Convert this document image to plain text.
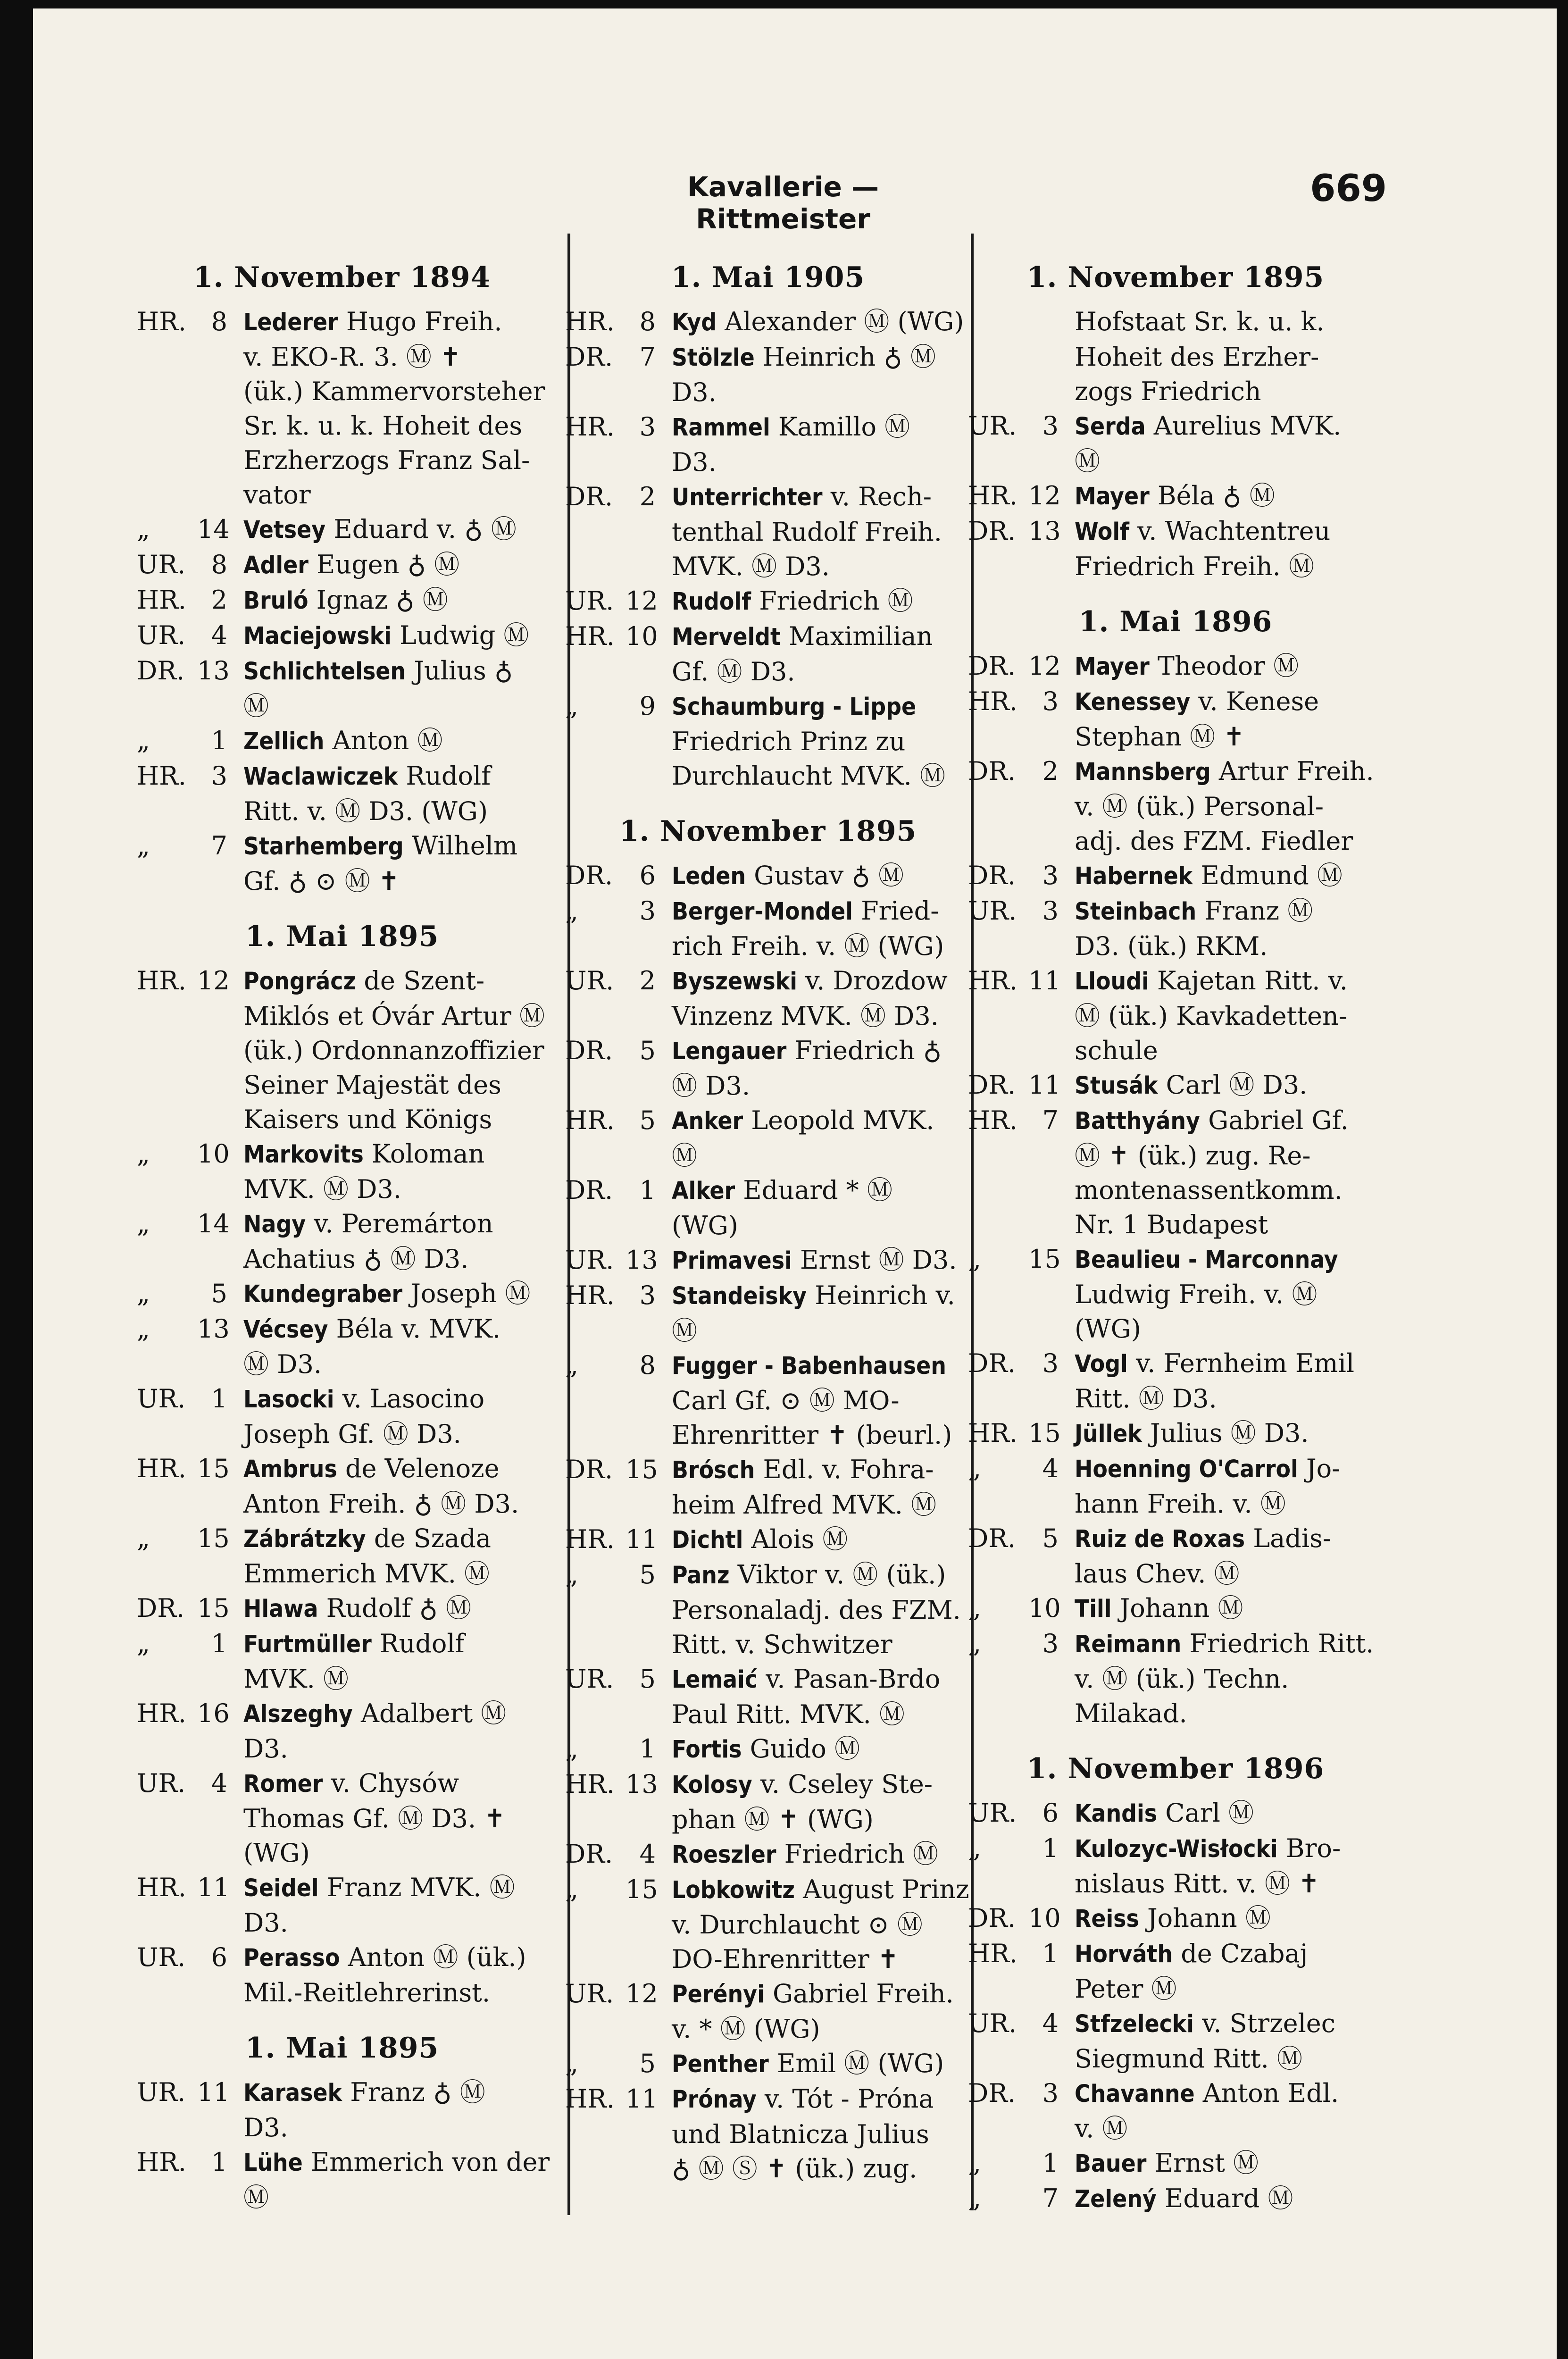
Kavallerie — Rittmeister
669
1. November 1894
HR. 8 Lederer Hugo Freih.
v. EKO-R. 3. Ⓜ ✝
(ük.) Kammervorsteher
Sr. k. u. k. Hoheit des
Erzherzogs Franz Sal-
vator
„	14 Vetsey Eduard v. ♁ Ⓜ
UR.	8 Adler Eugen ♁ Ⓜ
HR. 2 Bruló Ignaz ♁ Ⓜ
UR.	4 Maciejowski Ludwig Ⓜ
DR. 13 Schlichtelsen Julius ♁
Ⓜ
„	1 Zellich Anton Ⓜ
HR. 3 Waclawiczek Rudolf
Ritt. v. Ⓜ D3. (WG)
„	7 Starhemberg Wilhelm
Gf. ♁ ⊙ Ⓜ ✝
1. Mai 1895
HR. 12 Pongrácz de Szent-
Miklós et Óvár Artur Ⓜ
(ük.) Ordonnanzoffizier
Seiner Majestät des
Kaisers und Königs
„	10 Markovits Koloman
MVK. Ⓜ D3.
„	14 Nagy v. Peremárton
Achatius ♁ Ⓜ D3.
„	5 Kundegraber Joseph Ⓜ
„	13 Vécsey Béla v. MVK.
Ⓜ D3.
UR.	1 Lasocki v. Lasocino
Joseph Gf. Ⓜ D3.
HR. 15 Ambrus de Velenoze
Anton Freih. ♁ Ⓜ D3.
„	15 Zábrátzky de Szada
Emmerich MVK. Ⓜ
DR. 15 Hlawa Rudolf ♁ Ⓜ
„	1 Furtmüller Rudolf
MVK. Ⓜ
HR. 16 Alszeghy Adalbert Ⓜ
D3.
UR.	4 Romer v. Chysów
Thomas Gf. Ⓜ D3. ✝
(WG)
HR. 11 Seidel Franz MVK. Ⓜ
D3.
UR.	6 Perasso Anton Ⓜ (ük.)
Mil.-Reitlehrerinst.
1. Mai 1895
UR. 11 Karasek Franz ♁ Ⓜ
D3.
HR. 1 Lühe Emmerich von der
Ⓜ
1. Mai 1905
HR. 8 Kyd Alexander Ⓜ (WG)
DR.	7 Stölzle Heinrich ♁ Ⓜ
D3.
HR. 3 Rammel Kamillo Ⓜ
D3.
DR.	2 Unterrichter v. Rech-
tenthal Rudolf Freih.
MVK. Ⓜ D3.
UR. 12 Rudolf Friedrich Ⓜ
HR. 10 Merveldt Maximilian
Gf. Ⓜ D3.
„	9 Schaumburg - Lippe
Friedrich Prinz zu
Durchlaucht MVK. Ⓜ
1. November 1895
DR.	6 Leden Gustav ♁ Ⓜ
„	3 Berger-Mondel Fried-
rich Freih. v. Ⓜ (WG)
UR.	2 Byszewski v. Drozdow
Vinzenz MVK. Ⓜ D3.
DR.	5 Lengauer Friedrich ♁
Ⓜ D3.
HR. 5 Anker Leopold MVK.
Ⓜ
DR.	1 Alker Eduard * Ⓜ
(WG)
UR. 13 Primavesi Ernst Ⓜ D3.
HR. 3 Standeisky Heinrich v.
Ⓜ
„	8 Fugger - Babenhausen
Carl Gf. ⊙ Ⓜ MO-
Ehrenritter ✝ (beurl.)
DR. 15 Brósch Edl. v. Fohra-
heim Alfred MVK. Ⓜ
HR. 11 Dichtl Alois Ⓜ
„	5 Panz Viktor v. Ⓜ (ük.)
Personaladj. des FZM.
Ritt. v. Schwitzer
UR.	5 Lemaić v. Pasan-Brdo
Paul Ritt. MVK. Ⓜ
„	1 Fortis Guido Ⓜ
HR. 13 Kolosy v. Cseley Ste-
phan Ⓜ ✝ (WG)
DR.	4 Roeszler Friedrich Ⓜ
„	15 Lobkowitz August Prinz
v. Durchlaucht ⊙ Ⓜ
DO-Ehrenritter ✝
UR. 12 Perényi Gabriel Freih.
v. * Ⓜ (WG)
„	5 Penther Emil Ⓜ (WG)
HR. 11 Prónay v. Tót - Próna
und Blatnicza Julius
♁ Ⓜ Ⓢ ✝ (ük.) zug.
1. November 1895
Hofstaat Sr. k. u. k.
Hoheit des Erzher-
zogs Friedrich
UR.	3 Serda Aurelius MVK.
Ⓜ
HR. 12 Mayer Béla ♁ Ⓜ
DR. 13 Wolf v. Wachtentreu
Friedrich Freih. Ⓜ
1. Mai 1896
DR. 12 Mayer Theodor Ⓜ
HR. 3 Kenessey v. Kenese
Stephan Ⓜ ✝
DR.	2 Mannsberg Artur Freih.
v. Ⓜ (ük.) Personal-
adj. des FZM. Fiedler
DR.	3 Habernek Edmund Ⓜ
UR.	3 Steinbach Franz Ⓜ
D3. (ük.) RKM.
HR. 11 Lloudi Kajetan Ritt. v.
Ⓜ (ük.) Kavkadetten-
schule
DR. 11 Stusák Carl Ⓜ D3.
HR. 7 Batthyány Gabriel Gf.
Ⓜ ✝ (ük.) zug. Re-
montenassentkomm.
Nr. 1 Budapest
„	15 Beaulieu - Marconnay
Ludwig Freih. v. Ⓜ
(WG)
DR.	3 Vogl v. Fernheim Emil
Ritt. Ⓜ D3.
HR. 15 Jüllek Julius Ⓜ D3.
„	4 Hoenning O'Carrol Jo-
hann Freih. v. Ⓜ
DR.	5 Ruiz de Roxas Ladis-
laus Chev. Ⓜ
„	10 Till Johann Ⓜ
„	3 Reimann Friedrich Ritt.
v. Ⓜ (ük.) Techn.
Milakad.
1. November 1896
UR.	6 Kandis Carl Ⓜ
„	1 Kulozyc-Wisłocki Bro-
nislaus Ritt. v. Ⓜ ✝
DR. 10 Reiss Johann Ⓜ
HR. 1 Horváth de Czabaj
Peter Ⓜ
UR.	4 Stfzelecki v. Strzelec
Siegmund Ritt. Ⓜ
DR.	3 Chavanne Anton Edl.
v. Ⓜ
„	1 Bauer Ernst Ⓜ
„	7 Zelený Eduard Ⓜ
